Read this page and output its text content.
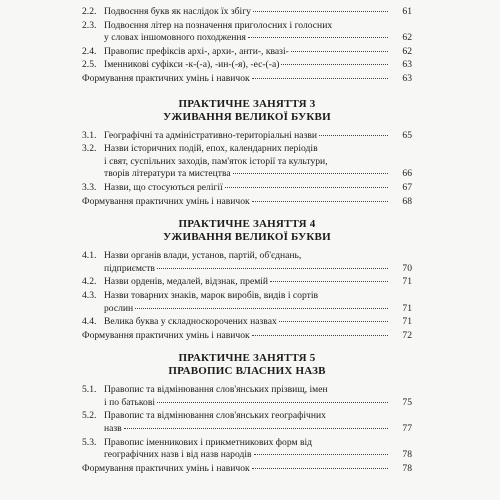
2.2. Подвоєння букв як наслідок їх збігу	61
2.3. Подвоєння літер на позначення приголосних і голосних
у словах іншомовного походження	62
2.4. Правопис префіксів архі-, архи-, анти-, квазі-	62
2.5. Іменникові суфікси -к-(-а), -ин-(-я), -ес-(-а)	63
Формування практичних умінь і навичок	63
ПРАКТИЧНЕ ЗАНЯТТЯ 3
УЖИВАННЯ ВЕЛИКОЇ БУКВИ
3.1. Географічні та адміністративно-територіальні назви	65
3.2. Назви історичних подій, епох, календарних періодів
і свят, суспільних заходів, пам'яток історії та культури,
творів літератури та мистецтва	66
3.3. Назви, що стосуються релігії	67
Формування практичних умінь і навичок	68
ПРАКТИЧНЕ ЗАНЯТТЯ 4
УЖИВАННЯ ВЕЛИКОЇ БУКВИ
4.1. Назви органів влади, установ, партій, об'єднань,
підприємств	70
4.2. Назви орденів, медалей, відзнак, премій	71
4.3. Назви товарних знаків, марок виробів, видів і сортів
рослин	71
4.4. Велика буква у складноскорочених назвах	71
Формування практичних умінь і навичок	72
ПРАКТИЧНЕ ЗАНЯТТЯ 5
ПРАВОПИС ВЛАСНИХ НАЗВ
5.1. Правопис та відмінювання слов'янських прізвищ, імен
і по батькові	75
5.2. Правопис та відмінювання слов'янських географічних
назв	77
5.3. Правопис іменникових і прикметникових форм від
географічних назв і від назв народів	78
Формування практичних умінь і навичок	78
